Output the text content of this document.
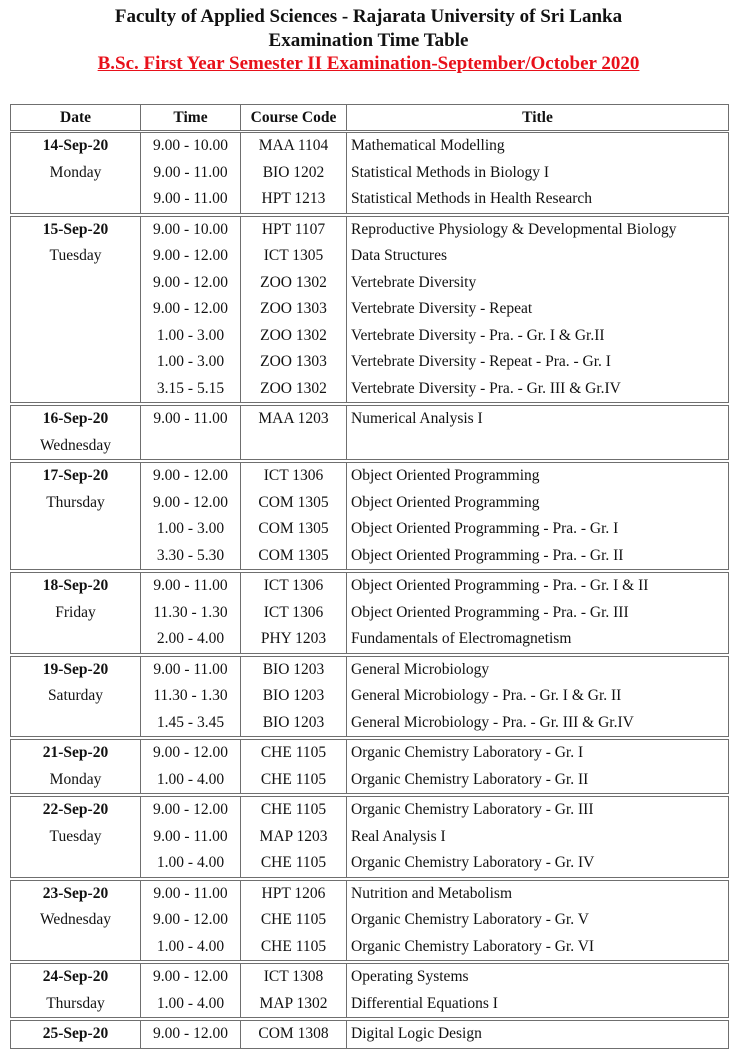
Faculty of Applied Sciences - Rajarata University of Sri Lanka
Examination Time Table
B.Sc. First Year Semester II Examination-September/October 2020
Date	Time	Course Code	Title
14-Sep-20	9.00 - 10.00	MAA 1104	Mathematical Modelling
Monday	9.00 - 11.00	BIO 1202	Statistical Methods in Biology I
	9.00 - 11.00	HPT 1213	Statistical Methods in Health Research
15-Sep-20	9.00 - 10.00	HPT 1107	Reproductive Physiology & Developmental Biology
Tuesday	9.00 - 12.00	ICT 1305	Data Structures
	9.00 - 12.00	ZOO 1302	Vertebrate Diversity
	9.00 - 12.00	ZOO 1303	Vertebrate Diversity - Repeat
	1.00 - 3.00	ZOO 1302	Vertebrate Diversity - Pra. - Gr. I & Gr.II
	1.00 - 3.00	ZOO 1303	Vertebrate Diversity - Repeat - Pra. - Gr. I
	3.15 - 5.15	ZOO 1302	Vertebrate Diversity - Pra. - Gr. III & Gr.IV
16-Sep-20	9.00 - 11.00	MAA 1203	Numerical Analysis I
Wednesday			
17-Sep-20	9.00 - 12.00	ICT 1306	Object Oriented Programming
Thursday	9.00 - 12.00	COM 1305	Object Oriented Programming
	1.00 - 3.00	COM 1305	Object Oriented Programming - Pra. - Gr. I
	3.30 - 5.30	COM 1305	Object Oriented Programming - Pra. - Gr. II
18-Sep-20	9.00 - 11.00	ICT 1306	Object Oriented Programming - Pra. - Gr. I & II
Friday	11.30 - 1.30	ICT 1306	Object Oriented Programming - Pra. - Gr. III
	2.00 - 4.00	PHY 1203	Fundamentals of Electromagnetism
19-Sep-20	9.00 - 11.00	BIO 1203	General Microbiology
Saturday	11.30 - 1.30	BIO 1203	General Microbiology - Pra. - Gr. I & Gr. II
	1.45 - 3.45	BIO 1203	General Microbiology - Pra. - Gr. III & Gr.IV
21-Sep-20	9.00 - 12.00	CHE 1105	Organic Chemistry Laboratory - Gr. I
Monday	1.00 - 4.00	CHE 1105	Organic Chemistry Laboratory - Gr. II
22-Sep-20	9.00 - 12.00	CHE 1105	Organic Chemistry Laboratory - Gr. III
Tuesday	9.00 - 11.00	MAP 1203	Real Analysis I
	1.00 - 4.00	CHE 1105	Organic Chemistry Laboratory - Gr. IV
23-Sep-20	9.00 - 11.00	HPT 1206	Nutrition and Metabolism
Wednesday	9.00 - 12.00	CHE 1105	Organic Chemistry Laboratory - Gr. V
	1.00 - 4.00	CHE 1105	Organic Chemistry Laboratory - Gr. VI
24-Sep-20	9.00 - 12.00	ICT 1308	Operating Systems
Thursday	1.00 - 4.00	MAP 1302	Differential Equations I
25-Sep-20	9.00 - 12.00	COM 1308	Digital Logic Design
